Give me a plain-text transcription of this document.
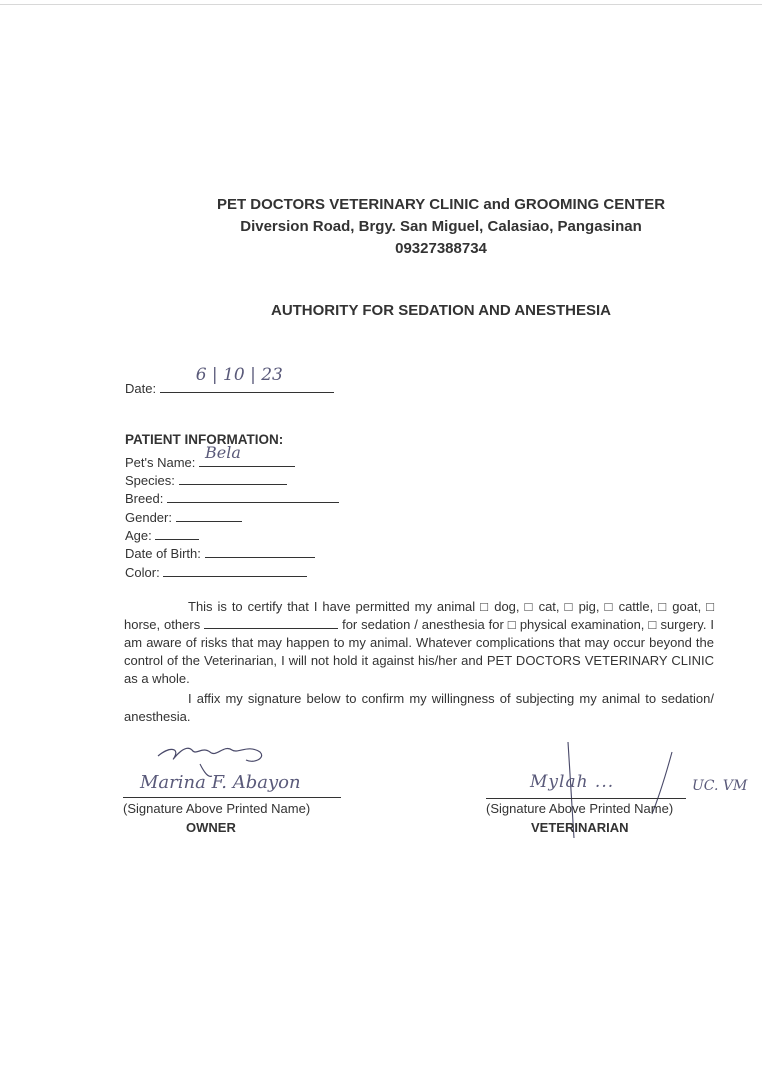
PET DOCTORS VETERINARY CLINIC and GROOMING CENTER
Diversion Road, Brgy. San Miguel, Calasiao, Pangasinan
09327388734
AUTHORITY FOR SEDATION AND ANESTHESIA
Date:
6 | 10 | 23
PATIENT INFORMATION:
Pet's Name:
Bela
Species:
Breed:
Gender:
Age:
Date of Birth:
Color:
This is to certify that I have permitted my animal □ dog, □ cat, □ pig, □ cattle, □ goat, □ horse, others	for sedation / anesthesia for □ physical examination, □ surgery. I am aware of risks that may happen to my animal. Whatever complications that may occur beyond the control of the Veterinarian, I will not hold it against his/her and PET DOCTORS VETERINARY CLINIC as a whole.
I affix my signature below to confirm my willingness of subjecting my animal to sedation/ anesthesia.
Marina F. Abayon
(Signature Above Printed Name)
OWNER
Mylah ...	UC. VM
(Signature Above Printed Name)
VETERINARIAN
